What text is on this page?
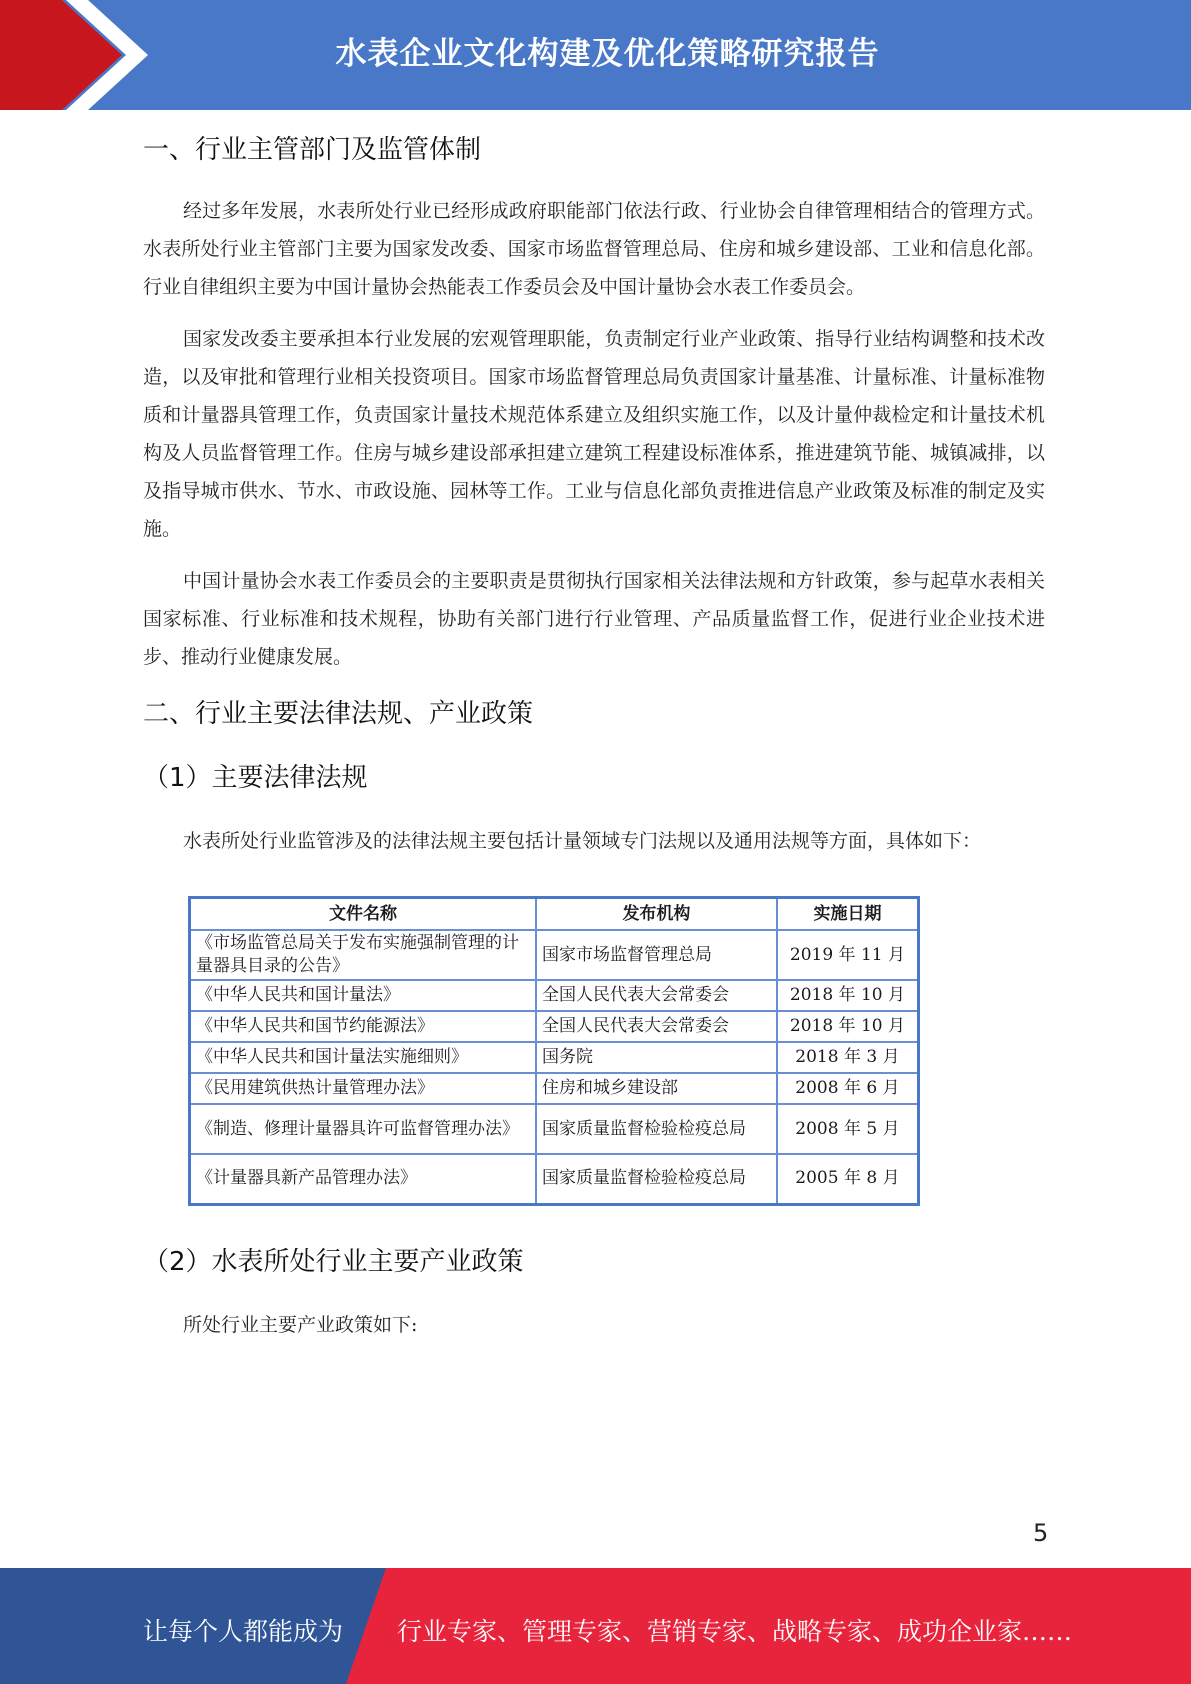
水表企业文化构建及优化策略研究报告
一、行业主管部门及监管体制

经过多年发展，水表所处行业已经形成政府职能部门依法行政、行业协会自律管理相结合的管理方式。水表所处行业主管部门主要为国家发改委、国家市场监督管理总局、住房和城乡建设部、工业和信息化部。行业自律组织主要为中国计量协会热能表工作委员会及中国计量协会水表工作委员会。

国家发改委主要承担本行业发展的宏观管理职能，负责制定行业产业政策、指导行业结构调整和技术改造，以及审批和管理行业相关投资项目。国家市场监督管理总局负责国家计量基准、计量标准、计量标准物质和计量器具管理工作，负责国家计量技术规范体系建立及组织实施工作，以及计量仲裁检定和计量技术机构及人员监督管理工作。住房与城乡建设部承担建立建筑工程建设标准体系，推进建筑节能、城镇减排，以及指导城市供水、节水、市政设施、园林等工作。工业与信息化部负责推进信息产业政策及标准的制定及实施。

中国计量协会水表工作委员会的主要职责是贯彻执行国家相关法律法规和方针政策，参与起草水表相关国家标准、行业标准和技术规程，协助有关部门进行行业管理、产品质量监督工作，促进行业企业技术进步、推动行业健康发展。

二、行业主要法律法规、产业政策
（1）主要法律法规

水表所处行业监管涉及的法律法规主要包括计量领域专门法规以及通用法规等方面，具体如下：

文件名称	发布机构	实施日期
《市场监管总局关于发布实施强制管理的计量器具目录的公告》	国家市场监督管理总局	2019 年 11 月
《中华人民共和国计量法》	全国人民代表大会常委会	2018 年 10 月
《中华人民共和国节约能源法》	全国人民代表大会常委会	2018 年 10 月
《中华人民共和国计量法实施细则》	国务院	2018 年 3 月
《民用建筑供热计量管理办法》	住房和城乡建设部	2008 年 6 月
《制造、修理计量器具许可监督管理办法》	国家质量监督检验检疫总局	2008 年 5 月
《计量器具新产品管理办法》	国家质量监督检验检疫总局	2005 年 8 月
（2）水表所处行业主要产业政策

所处行业主要产业政策如下:

5
让每个人都能成为 行业专家、管理专家、营销专家、战略专家、成功企业家……
